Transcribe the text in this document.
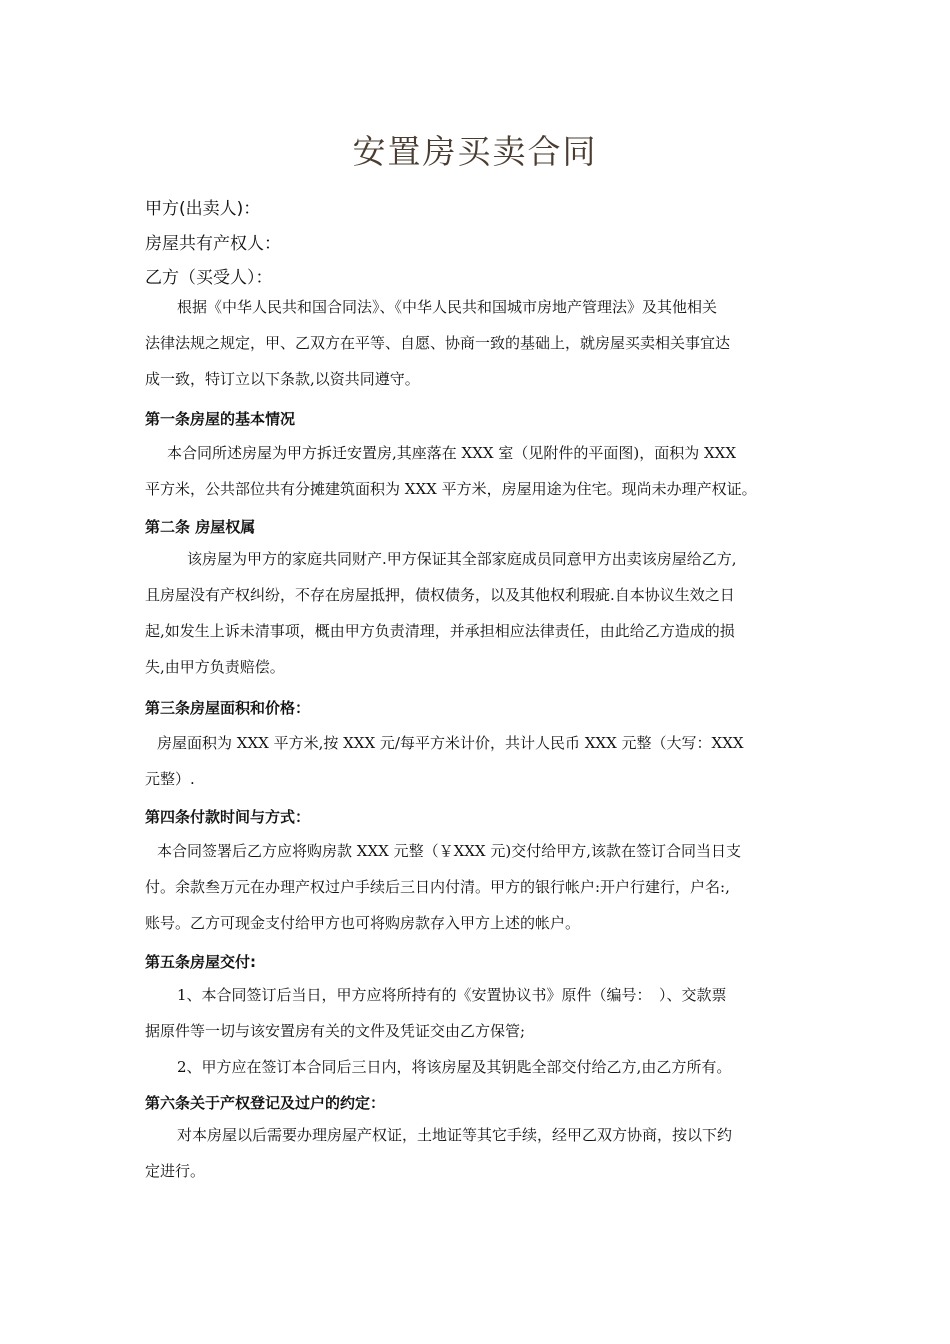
安置房买卖合同
甲方(出卖人)：
房屋共有产权人：
乙方（买受人）：
根据《中华人民共和国合同法》、《中华人民共和国城市房地产管理法》及其他相关
法律法规之规定，甲、乙双方在平等、自愿、协商一致的基础上，就房屋买卖相关事宜达
成一致，特订立以下条款,以资共同遵守。
第一条房屋的基本情况
本合同所述房屋为甲方拆迁安置房,其座落在 XXX 室（见附件的平面图)，面积为 XXX
平方米，公共部位共有分摊建筑面积为 XXX 平方米，房屋用途为住宅。现尚未办理产权证。
第二条 房屋权属
该房屋为甲方的家庭共同财产.甲方保证其全部家庭成员同意甲方出卖该房屋给乙方,
且房屋没有产权纠纷，不存在房屋抵押，债权债务，以及其他权利瑕疵.自本协议生效之日
起,如发生上诉未清事项，概由甲方负责清理，并承担相应法律责任，由此给乙方造成的损
失,由甲方负责赔偿。
第三条房屋面积和价格：
房屋面积为 XXX 平方米,按 XXX 元/每平方米计价，共计人民币 XXX 元整（大写：XXX
元整）.
第四条付款时间与方式：
本合同签署后乙方应将购房款 XXX 元整（￥XXX 元)交付给甲方,该款在签订合同当日支
付。余款叁万元在办理产权过户手续后三日内付清。甲方的银行帐户:开户行建行，户名:,
账号。乙方可现金支付给甲方也可将购房款存入甲方上述的帐户。
第五条房屋交付:
1、本合同签订后当日，甲方应将所持有的《安置协议书》原件（编号：　）、交款票
据原件等一切与该安置房有关的文件及凭证交由乙方保管;
2、甲方应在签订本合同后三日内，将该房屋及其钥匙全部交付给乙方,由乙方所有。
第六条关于产权登记及过户的约定：
对本房屋以后需要办理房屋产权证，土地证等其它手续，经甲乙双方协商，按以下约
定进行。
